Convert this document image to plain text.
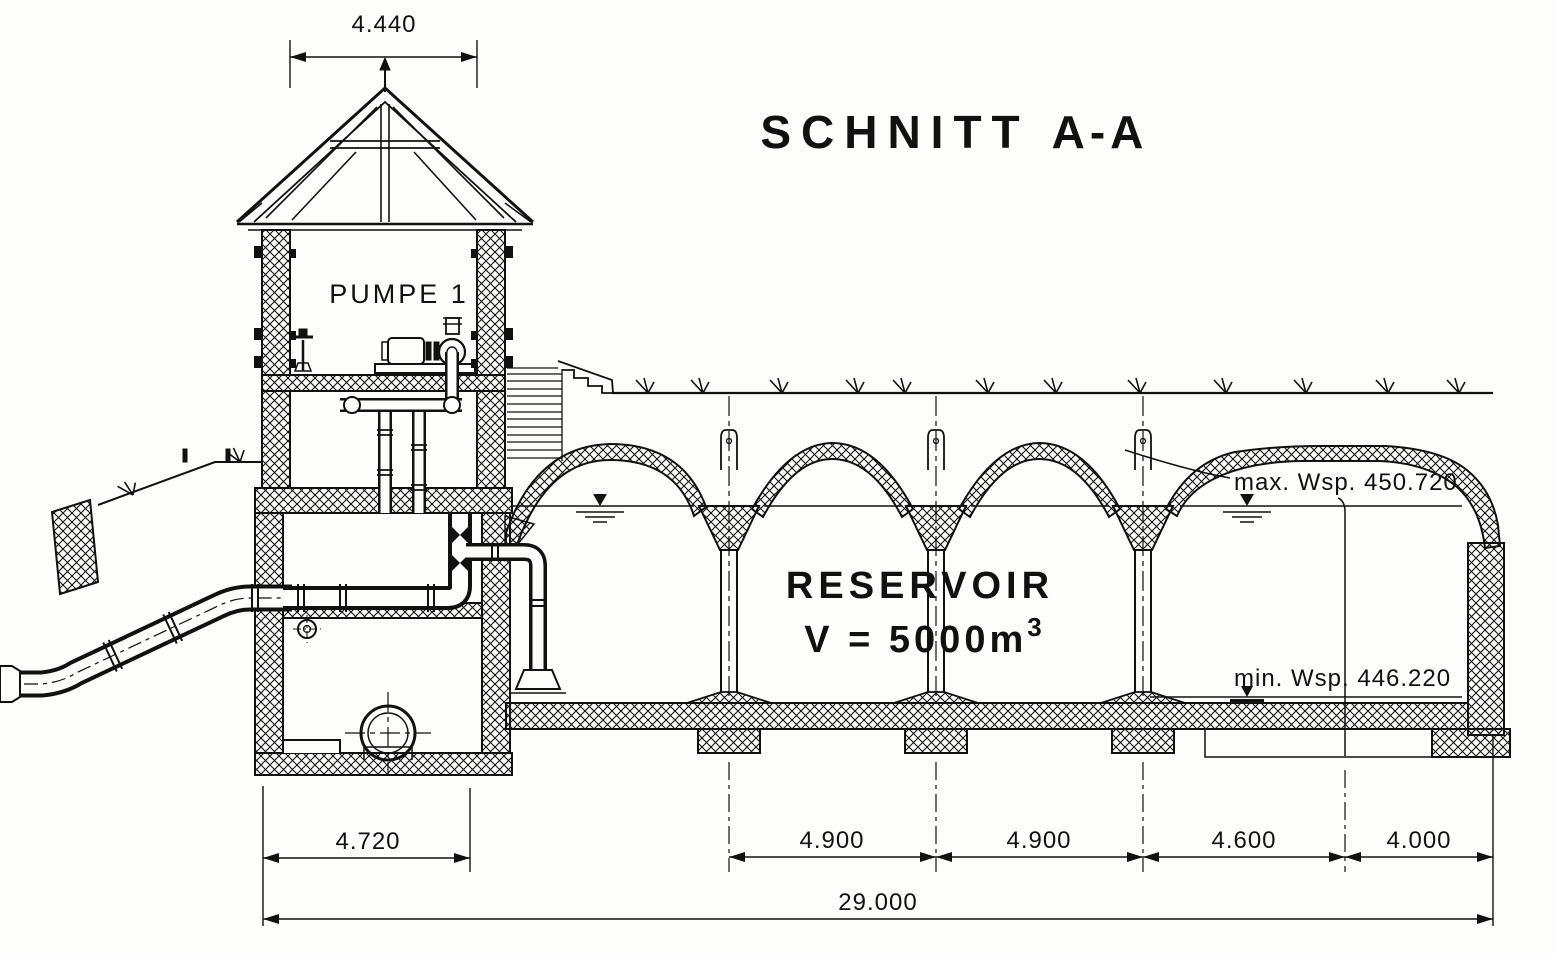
4.440
4.720	4.900	4.900	4.600	4.000
29.000
SCHNITT A-A
PUMPE 1
RESERVOIR
$V = 5000m^3$
max. Wsp. 450.720
min. Wsp. 446.220
